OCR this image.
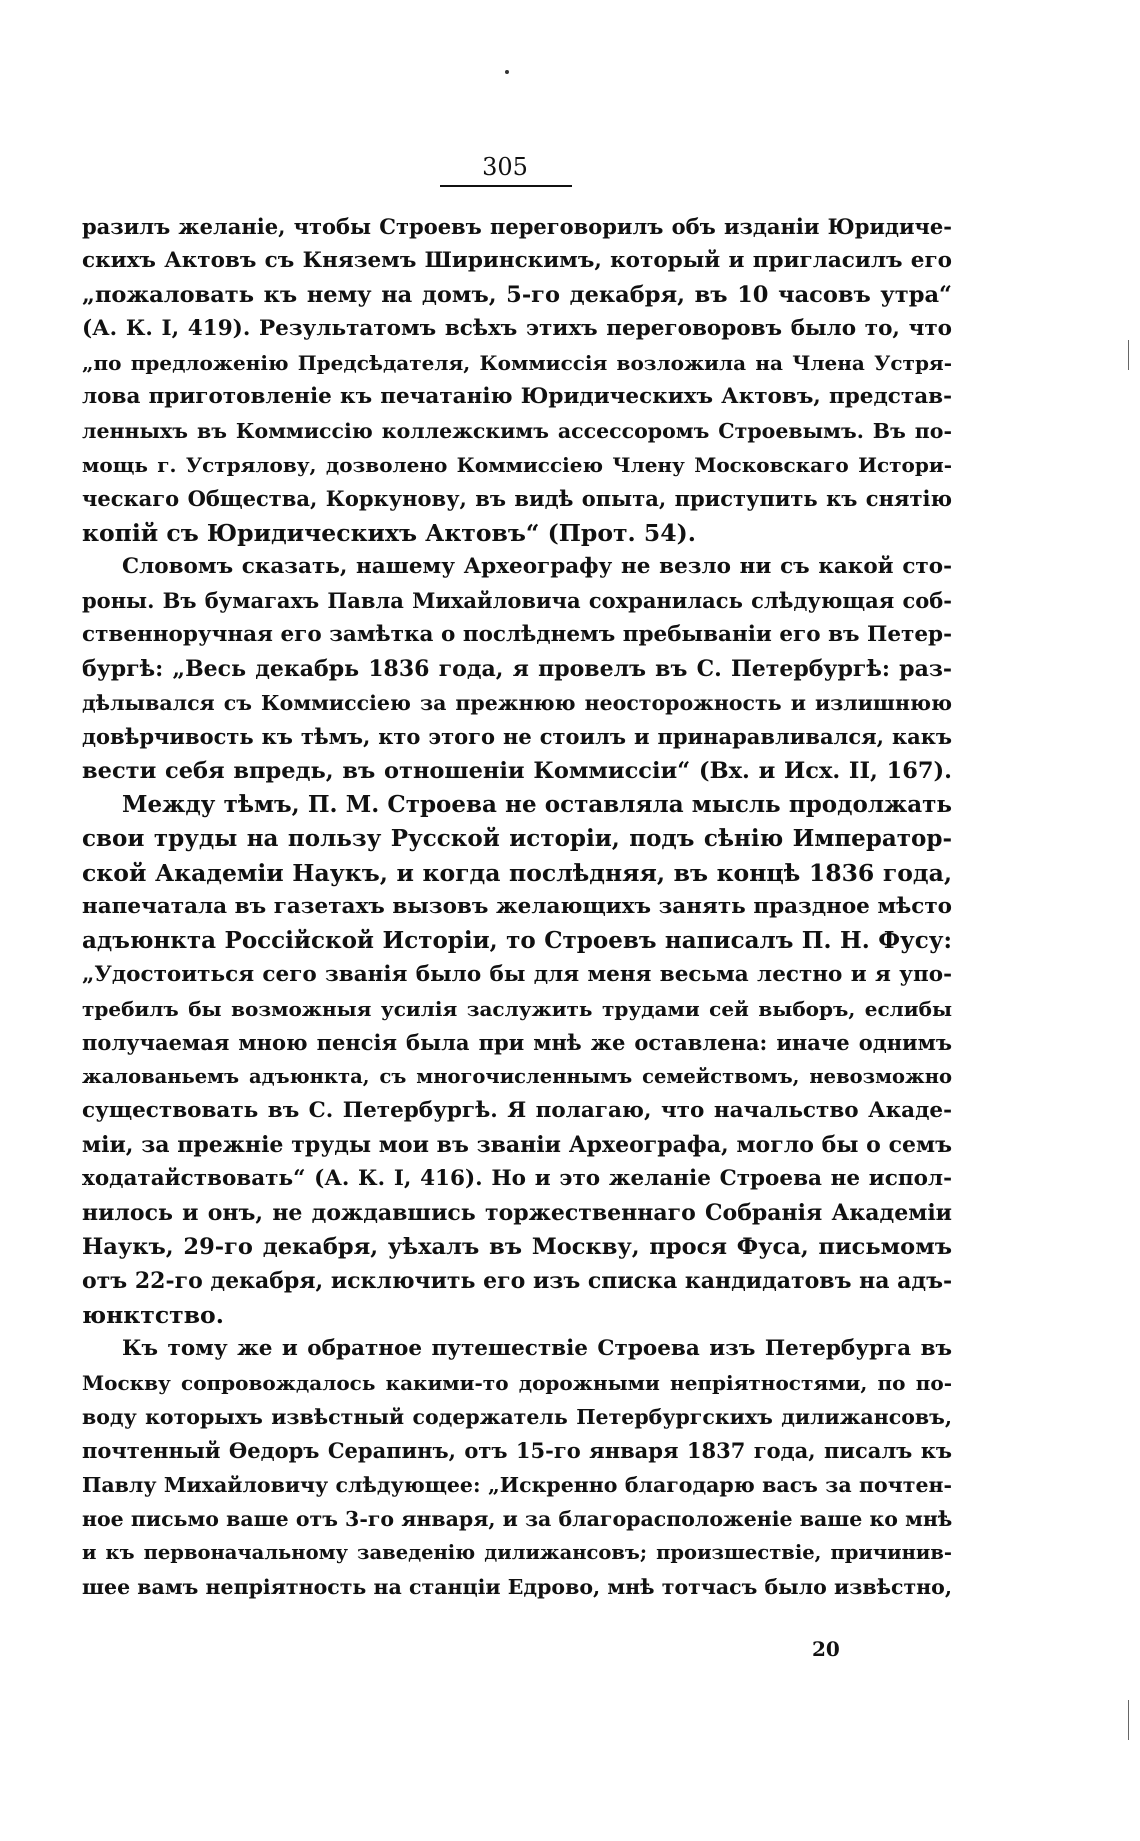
305
разилъ желаніе, чтобы Строевъ переговорилъ объ изданіи Юридиче-
скихъ Актовъ съ Княземъ Ширинскимъ, который и пригласилъ его
„пожаловать къ нему на домъ, 5-го декабря, въ 10 часовъ утра“
(А. К. I, 419). Результатомъ всѣхъ этихъ переговоровъ было то, что
„по предложенію Предсѣдателя, Коммиссія возложила на Члена Устря-
лова приготовленіе къ печатанію Юридическихъ Актовъ, представ-
ленныхъ въ Коммиссію коллежскимъ ассессоромъ Строевымъ. Въ по-
мощь г. Устрялову, дозволено Коммиссіею Члену Московскаго Истори-
ческаго Общества, Коркунову, въ видѣ опыта, приступить къ снятію
копій съ Юридическихъ Актовъ“ (Прот. 54).
Словомъ сказать, нашему Археографу не везло ни съ какой сто-
роны. Въ бумагахъ Павла Михайловича сохранилась слѣдующая соб-
ственноручная его замѣтка о послѣднемъ пребываніи его въ Петер-
бургѣ: „Весь декабрь 1836 года, я провелъ въ С. Петербургѣ: раз-
дѣлывался съ Коммиссіею за прежнюю неосторожность и излишнюю
довѣрчивость къ тѣмъ, кто этого не стоилъ и принаравливался, какъ
вести себя впредь, въ отношеніи Коммиссіи“ (Вх. и Исх. II, 167).
Между тѣмъ, П. М. Строева не оставляла мысль продолжать
свои труды на пользу Русской исторіи, подъ сѣнію Император-
ской Академіи Наукъ, и когда послѣдняя, въ концѣ 1836 года,
напечатала въ газетахъ вызовъ желающихъ занять праздное мѣсто
адъюнкта Россійской Исторіи, то Строевъ написалъ П. Н. Фусу:
„Удостоиться сего званія было бы для меня весьма лестно и я упо-
требилъ бы возможныя усилія заслужить трудами сей выборъ, еслибы
получаемая мною пенсія была при мнѣ же оставлена: иначе однимъ
жалованьемъ адъюнкта, съ многочисленнымъ семействомъ, невозможно
существовать въ С. Петербургѣ. Я полагаю, что начальство Акаде-
міи, за прежніе труды мои въ званіи Археографа, могло бы о семъ
ходатайствовать“ (А. К. I, 416). Но и это желаніе Строева не испол-
нилось и онъ, не дождавшись торжественнаго Собранія Академіи
Наукъ, 29-го декабря, уѣхалъ въ Москву, прося Фуса, письмомъ
отъ 22-го декабря, исключить его изъ списка кандидатовъ на адъ-
юнктство.
Къ тому же и обратное путешествіе Строева изъ Петербурга въ
Москву сопровождалось какими-то дорожными непріятностями, по по-
воду которыхъ извѣстный содержатель Петербургскихъ дилижансовъ,
почтенный Ѳедоръ Серапинъ, отъ 15-го января 1837 года, писалъ къ
Павлу Михайловичу слѣдующее: „Искренно благодарю васъ за почтен-
ное письмо ваше отъ 3-го января, и за благорасположеніе ваше ко мнѣ
и къ первоначальному заведенію дилижансовъ; произшествіе, причинив-
шее вамъ непріятность на станціи Едрово, мнѣ тотчасъ было извѣстно,
20
